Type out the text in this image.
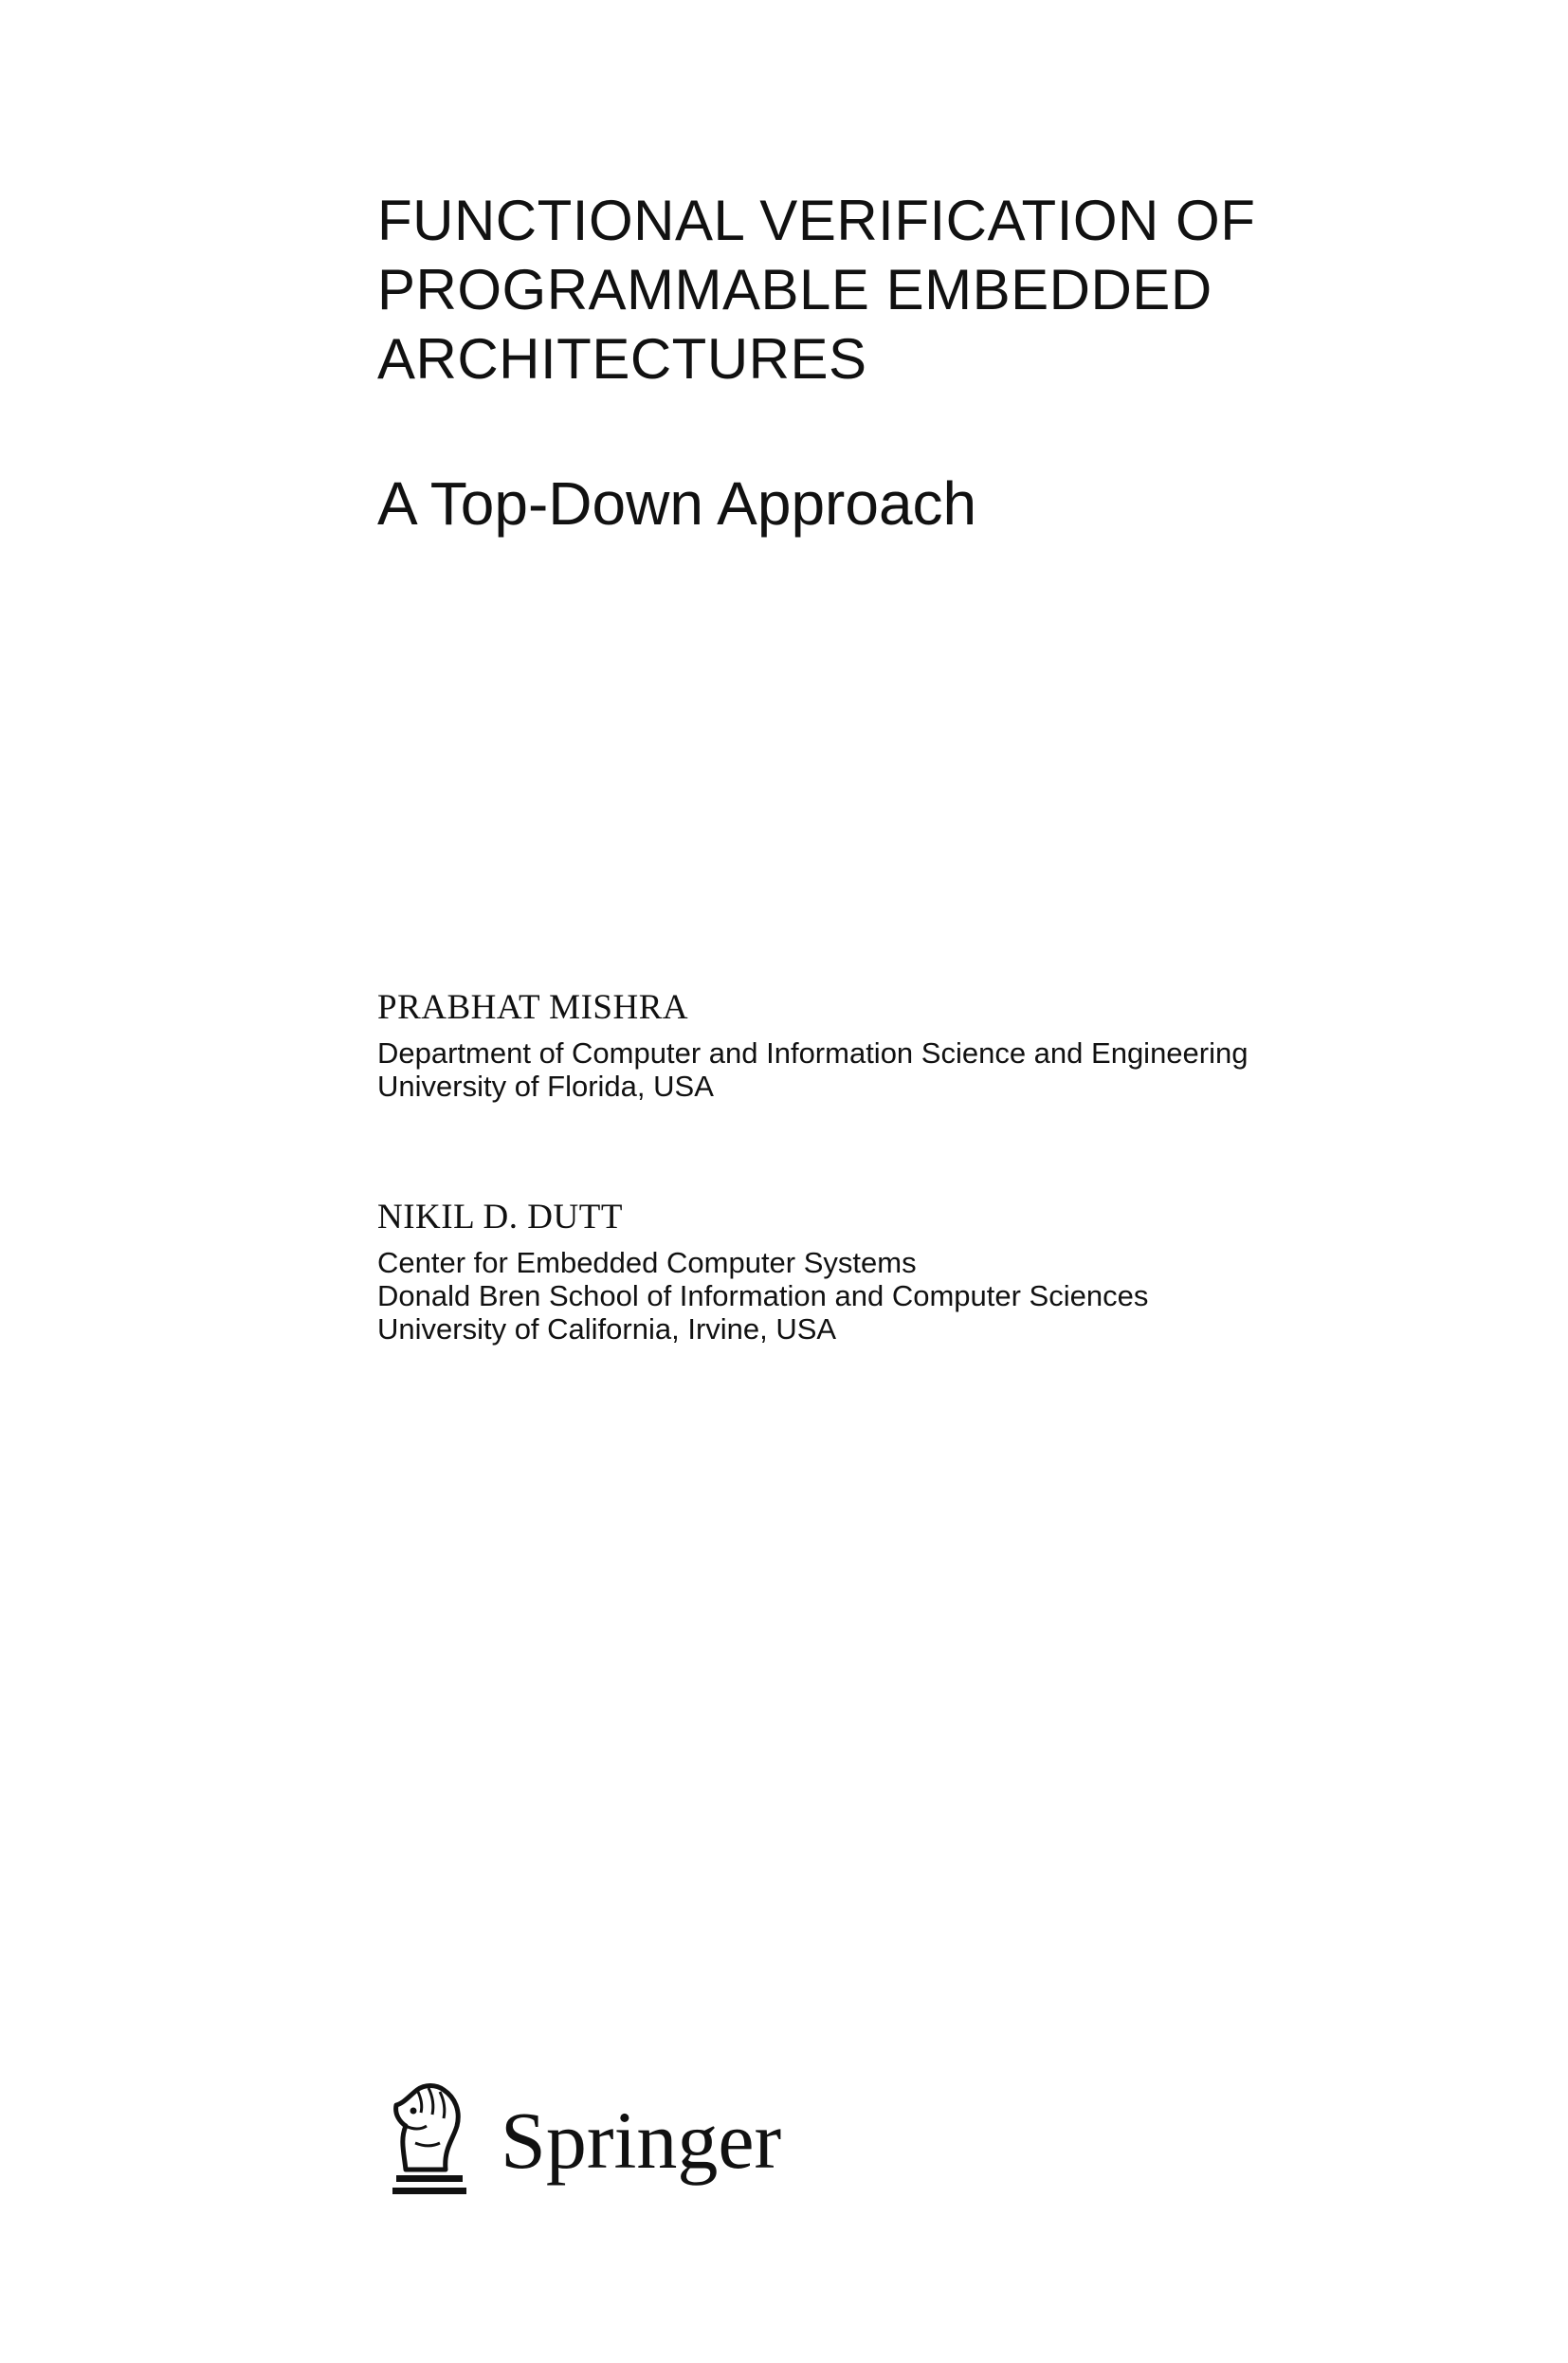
FUNCTIONAL VERIFICATION OF

PROGRAMMABLE EMBEDDED

ARCHITECTURES

A Top-Down Approach

PRABHAT MISHRA

Department of Computer and Information Science and Engineering

University of Florida, USA

NIKIL D. DUTT

Center for Embedded Computer Systems

Donald Bren School of Information and Computer Sciences

University of California, Irvine, USA

Springer
